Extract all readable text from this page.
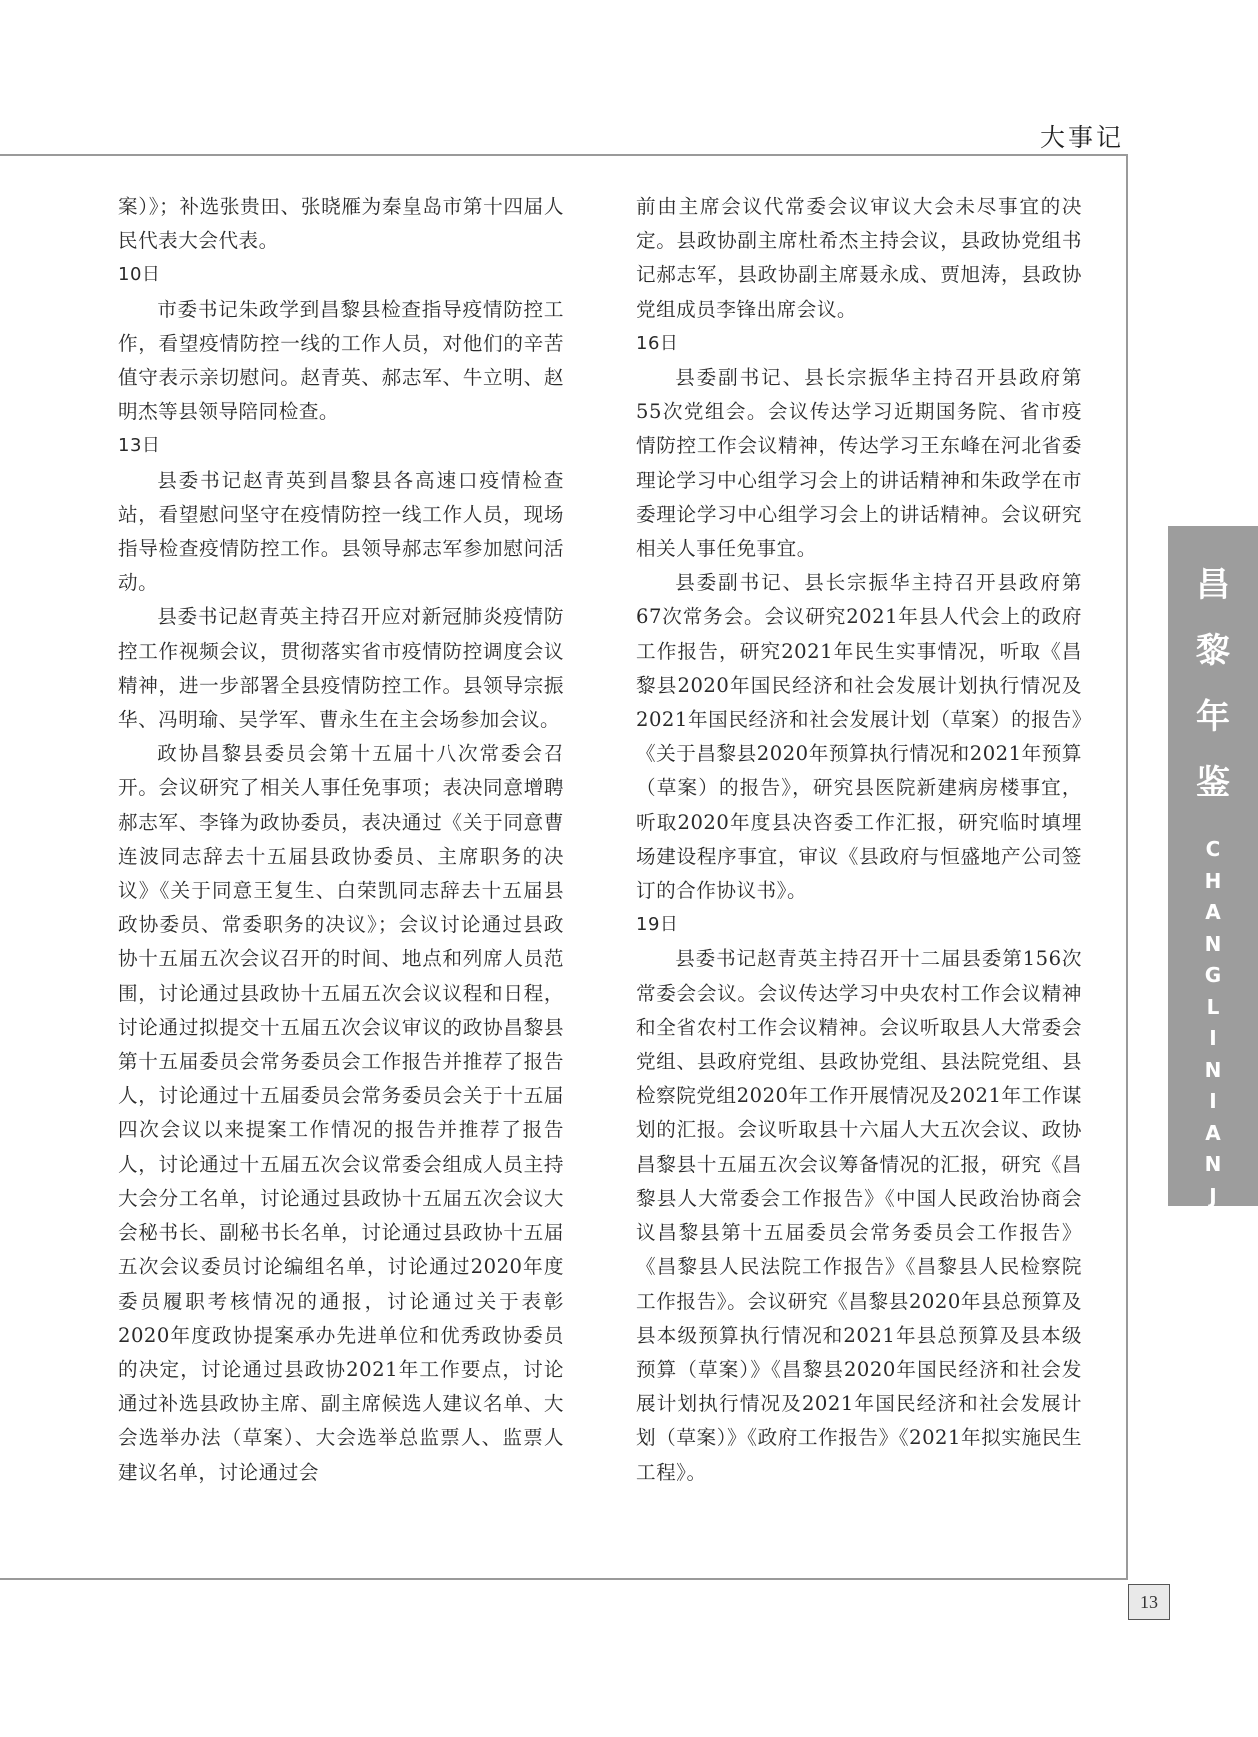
大事记

案）》；补选张贵田、张晓雁为秦皇岛市第十四届人民代表大会代表。

10日

市委书记朱政学到昌黎县检查指导疫情防控工作，看望疫情防控一线的工作人员，对他们的辛苦值守表示亲切慰问。赵青英、郝志军、牛立明、赵明杰等县领导陪同检查。

13日

县委书记赵青英到昌黎县各高速口疫情检查站，看望慰问坚守在疫情防控一线工作人员，现场指导检查疫情防控工作。县领导郝志军参加慰问活动。

县委书记赵青英主持召开应对新冠肺炎疫情防控工作视频会议，贯彻落实省市疫情防控调度会议精神，进一步部署全县疫情防控工作。县领导宗振华、冯明瑜、吴学军、曹永生在主会场参加会议。

政协昌黎县委员会第十五届十八次常委会召开。会议研究了相关人事任免事项；表决同意增聘郝志军、李锋为政协委员，表决通过《关于同意曹连波同志辞去十五届县政协委员、主席职务的决议》《关于同意王复生、白荣凯同志辞去十五届县政协委员、常委职务的决议》；会议讨论通过县政协十五届五次会议召开的时间、地点和列席人员范围，讨论通过县政协十五届五次会议议程和日程，讨论通过拟提交十五届五次会议审议的政协昌黎县第十五届委员会常务委员会工作报告并推荐了报告人，讨论通过十五届委员会常务委员会关于十五届四次会议以来提案工作情况的报告并推荐了报告人，讨论通过十五届五次会议常委会组成人员主持大会分工名单，讨论通过县政协十五届五次会议大会秘书长、副秘书长名单，讨论通过县政协十五届五次会议委员讨论编组名单，讨论通过2020年度委员履职考核情况的通报，讨论通过关于表彰2020年度政协提案承办先进单位和优秀政协委员的决定，讨论通过县政协2021年工作要点，讨论通过补选县政协主席、副主席候选人建议名单、大会选举办法（草案）、大会选举总监票人、监票人建议名单，讨论通过会

前由主席会议代常委会议审议大会未尽事宜的决定。县政协副主席杜希杰主持会议，县政协党组书记郝志军，县政协副主席聂永成、贾旭涛，县政协党组成员李锋出席会议。

16日

县委副书记、县长宗振华主持召开县政府第55次党组会。会议传达学习近期国务院、省市疫情防控工作会议精神，传达学习王东峰在河北省委理论学习中心组学习会上的讲话精神和朱政学在市委理论学习中心组学习会上的讲话精神。会议研究相关人事任免事宜。

县委副书记、县长宗振华主持召开县政府第67次常务会。会议研究2021年县人代会上的政府工作报告，研究2021年民生实事情况，听取《昌黎县2020年国民经济和社会发展计划执行情况及2021年国民经济和社会发展计划（草案）的报告》《关于昌黎县2020年预算执行情况和2021年预算（草案）的报告》，研究县医院新建病房楼事宜，听取2020年度县决咨委工作汇报，研究临时填埋场建设程序事宜，审议《县政府与恒盛地产公司签订的合作协议书》。

19日

县委书记赵青英主持召开十二届县委第156次常委会会议。会议传达学习中央农村工作会议精神和全省农村工作会议精神。会议听取县人大常委会党组、县政府党组、县政协党组、县法院党组、县检察院党组2020年工作开展情况及2021年工作谋划的汇报。会议听取县十六届人大五次会议、政协昌黎县十五届五次会议筹备情况的汇报，研究《昌黎县人大常委会工作报告》《中国人民政治协商会议昌黎县第十五届委员会常务委员会工作报告》《昌黎县人民法院工作报告》《昌黎县人民检察院工作报告》。会议研究《昌黎县2020年县总预算及县本级预算执行情况和2021年县总预算及县本级预算（草案）》《昌黎县2020年国民经济和社会发展计划执行情况及2021年国民经济和社会发展计划（草案）》《政府工作报告》《2021年拟实施民生工程》。

昌
黎
年
鉴
C
H
A
N
G
L
I
N
I
A
N
J
I
A
N
13
